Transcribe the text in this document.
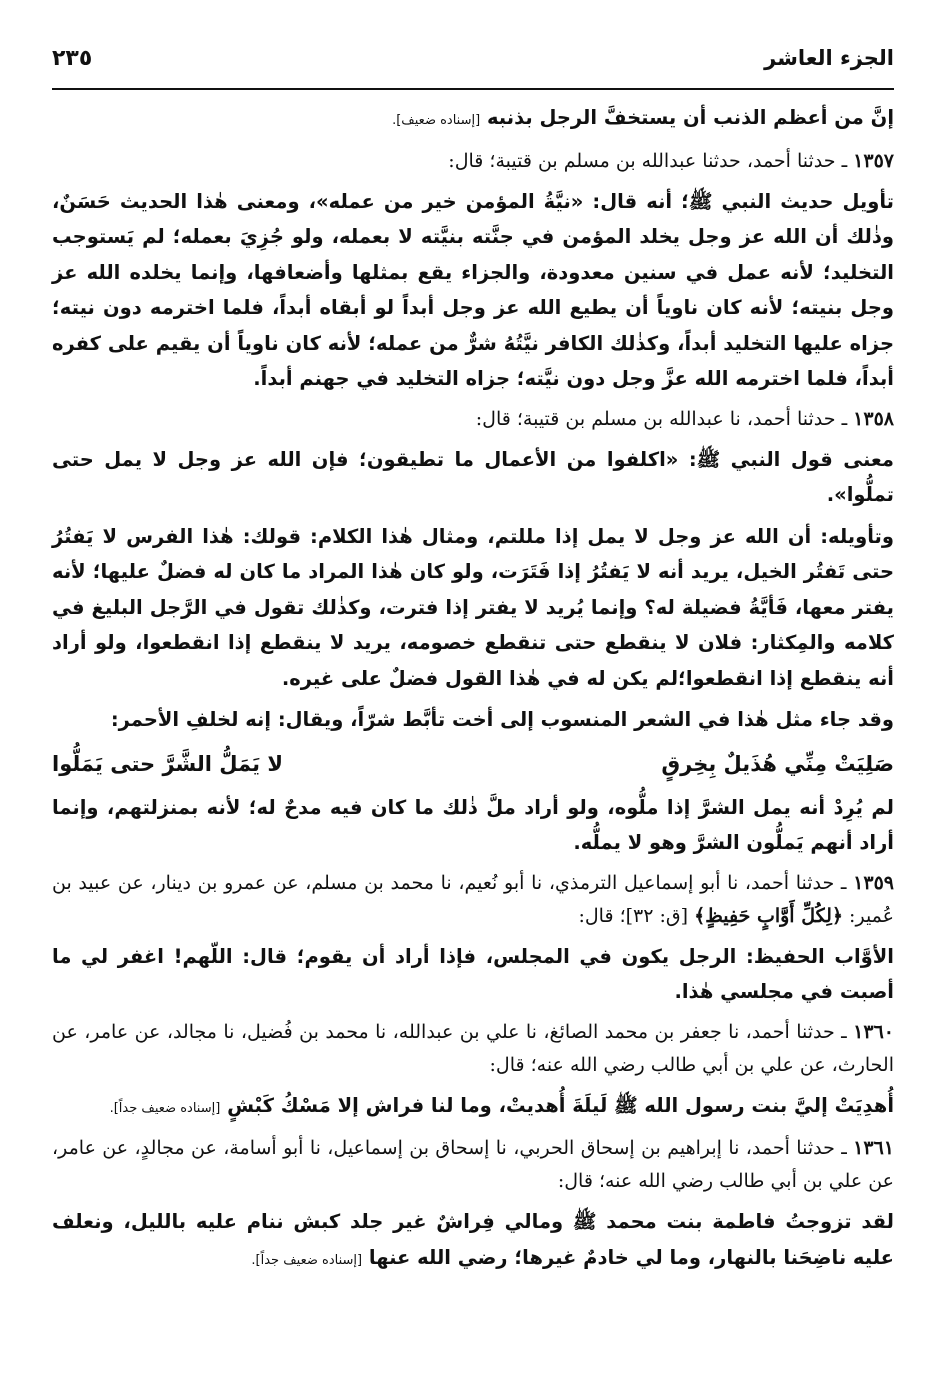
الجزء العاشر
٢٣٥

إنَّ من أعظم الذنب أن يستخفَّ الرجل بذنبه [إسناده ضعيف].

١٣٥٧ ـ حدثنا أحمد، حدثنا عبدالله بن مسلم بن قتيبة؛ قال:

تأويل حديث النبي ﷺ؛ أنه قال: «نيَّةُ المؤمن خير من عمله»، ومعنى هٰذا الحديث حَسَنٌ، وذٰلك أن الله عز وجل يخلد المؤمن في جنَّته بنيَّته لا بعمله، ولو جُزِيَ بعمله؛ لم يَستوجب التخليد؛ لأنه عمل في سنين معدودة، والجزاء يقع بمثلها وأضعافها، وإنما يخلده الله عز وجل بنيته؛ لأنه كان ناوياً أن يطيع الله عز وجل أبداً لو أبقاه أبداً، فلما اخترمه دون نيته؛ جزاه عليها التخليد أبداً، وكذٰلك الكافر نيَّتُهُ شرٌّ من عمله؛ لأنه كان ناوياً أن يقيم على كفره أبداً، فلما اخترمه الله عزَّ وجل دون نيَّته؛ جزاه التخليد في جهنم أبداً.

١٣٥٨ ـ حدثنا أحمد، نا عبدالله بن مسلم بن قتيبة؛ قال:

معنى قول النبي ﷺ: «اكلفوا من الأعمال ما تطيقون؛ فإن الله عز وجل لا يمل حتى تملُّوا».

وتأويله: أن الله عز وجل لا يمل إذا مللتم، ومثال هٰذا الكلام: قولك: هٰذا الفرس لا يَفتُرُ حتى تَفتُر الخيل، يريد أنه لا يَفتُرُ إذا فَتَرَت، ولو كان هٰذا المراد ما كان له فضلٌ عليها؛ لأنه يفتر معها، فَأيَّةُ فضيلة له؟ وإنما يُريد لا يفتر إذا فترت، وكذٰلك تقول في الرَّجل البليغ في كلامه والمِكثار: فلان لا ينقطع حتى تنقطع خصومه، يريد لا ينقطع إذا انقطعوا، ولو أراد أنه ينقطع إذا انقطعوا؛لم يكن له في هٰذا القول فضلٌ على غيره.

وقد جاء مثل هٰذا في الشعر المنسوب إلى أخت تأبَّط شرّاً، ويقال: إنه لخلفِ الأحمر:

صَلِيَتْ مِنِّي هُذَيلٌ بِخِرقٍ
لا يَمَلُّ الشَّرَّ حتى يَمَلُّوا

لم يُرِدْ أنه يمل الشرَّ إذا ملُّوه، ولو أراد ملَّ ذٰلك ما كان فيه مدحٌ له؛ لأنه بمنزلتهم، وإنما أراد أنهم يَملُّون الشرَّ وهو لا يملُّه.

١٣٥٩ ـ حدثنا أحمد، نا أبو إسماعيل الترمذي، نا أبو نُعيم، نا محمد بن مسلم، عن عمرو بن دينار، عن عبيد بن عُمير: ﴿لِكُلِّ أَوَّابٍ حَفِيظٍ﴾ [ق: ٣٢]؛ قال:

الأوَّاب الحفيظ: الرجل يكون في المجلس، فإذا أراد أن يقوم؛ قال: اللّهم! اغفر لي ما أصبت في مجلسي هٰذا.

١٣٦٠ ـ حدثنا أحمد، نا جعفر بن محمد الصائغ، نا علي بن عبدالله، نا محمد بن فُضيل، نا مجالد، عن عامر، عن الحارث، عن علي بن أبي طالب رضي الله عنه؛ قال:

أُهدِيَتْ إليَّ بنت رسول الله ﷺ لَيلَةَ أُهديتْ، وما لنا فراش إلا مَسْكُ كَبْشٍ [إسناده ضعيف جداً].

١٣٦١ ـ حدثنا أحمد، نا إبراهيم بن إسحاق الحربي، نا إسحاق بن إسماعيل، نا أبو أسامة، عن مجالدٍ، عن عامر، عن علي بن أبي طالب رضي الله عنه؛ قال:

لقد تزوجتُ فاطمة بنت محمد ﷺ ومالي فِراشٌ غير جلد كبش ننام عليه بالليل، ونعلف عليه ناضِحَنا بالنهار، وما لي خادمٌ غيرها؛ رضي الله عنها [إسناده ضعيف جداً].
